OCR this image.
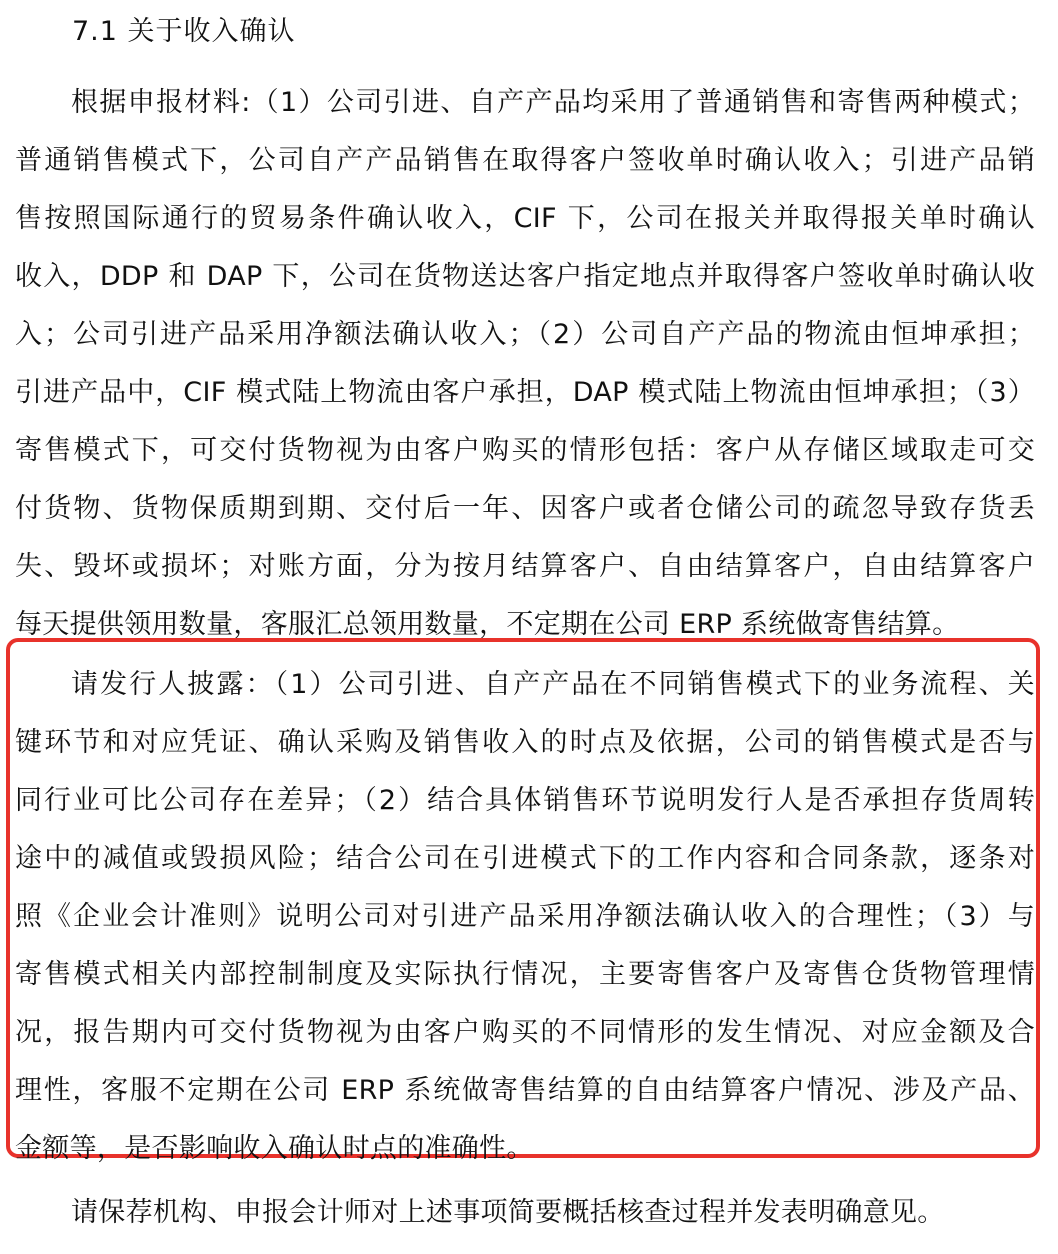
7.1 关于收入确认
根据申报材料:（1）公司引进、自产产品均采用了普通销售和寄售两种模式；
普通销售模式下，公司自产产品销售在取得客户签收单时确认收入；引进产品销
售按照国际通行的贸易条件确认收入，CIF 下，公司在报关并取得报关单时确认
收入，DDP 和 DAP 下，公司在货物送达客户指定地点并取得客户签收单时确认收
入；公司引进产品采用净额法确认收入；（2）公司自产产品的物流由恒坤承担；
引进产品中，CIF 模式陆上物流由客户承担，DAP 模式陆上物流由恒坤承担；（3）
寄售模式下，可交付货物视为由客户购买的情形包括：客户从存储区域取走可交
付货物、货物保质期到期、交付后一年、因客户或者仓储公司的疏忽导致存货丢
失、毁坏或损坏；对账方面，分为按月结算客户、自由结算客户，自由结算客户
每天提供领用数量，客服汇总领用数量，不定期在公司 ERP 系统做寄售结算。
请发行人披露：（1）公司引进、自产产品在不同销售模式下的业务流程、关
键环节和对应凭证、确认采购及销售收入的时点及依据，公司的销售模式是否与
同行业可比公司存在差异；（2）结合具体销售环节说明发行人是否承担存货周转
途中的减值或毁损风险；结合公司在引进模式下的工作内容和合同条款，逐条对
照《企业会计准则》说明公司对引进产品采用净额法确认收入的合理性；（3）与
寄售模式相关内部控制制度及实际执行情况，主要寄售客户及寄售仓货物管理情
况，报告期内可交付货物视为由客户购买的不同情形的发生情况、对应金额及合
理性，客服不定期在公司 ERP 系统做寄售结算的自由结算客户情况、涉及产品、
金额等，是否影响收入确认时点的准确性。
请保荐机构、申报会计师对上述事项简要概括核查过程并发表明确意见。
